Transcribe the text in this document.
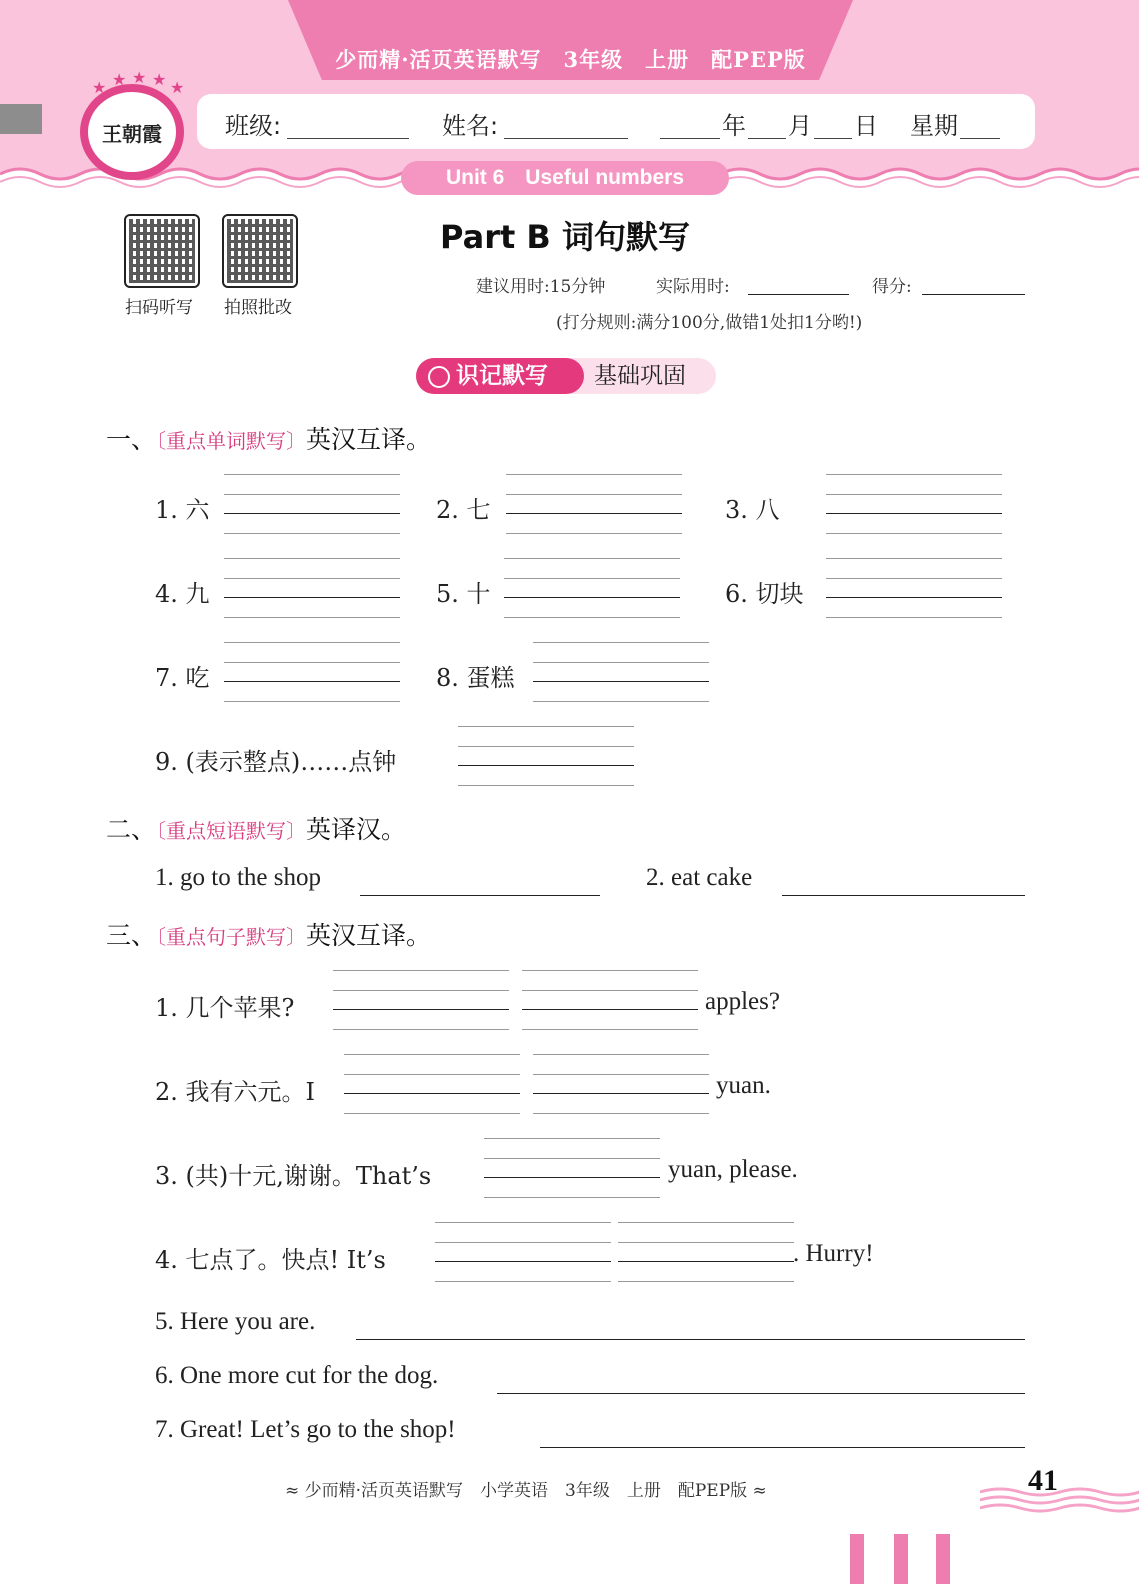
少而精·活页英语默写　3年级　上册　配PEP版
班级:	姓名:	年 月 日 星期
Unit 6　Useful numbers
王朝霞
★ ★ ★ ★ ★
扫码听写 拍照批改
Part B 词句默写
建议用时:15分钟	实际用时:	得分:
(打分规则:满分100分,做错1处扣1分哟!)
识记默写	基础巩固
一、〔重点单词默写〕英汉互译。
1. 六	2. 七	3. 八
4. 九	5. 十	6. 切块
7. 吃	8. 蛋糕
9. (表示整点)……点钟
二、〔重点短语默写〕英译汉。
1. go to the shop	2. eat cake
三、〔重点句子默写〕英汉互译。
1. 几个苹果?	apples?
2. 我有六元。I	yuan.
3. (共)十元,谢谢。That’s	yuan, please.
4. 七点了。快点! It’s	. Hurry!
5. Here you are.
6. One more cut for the dog.
7. Great! Let’s go to the shop!
≈ 少而精·活页英语默写　小学英语　3年级　上册　配PEP版 ≈	41
